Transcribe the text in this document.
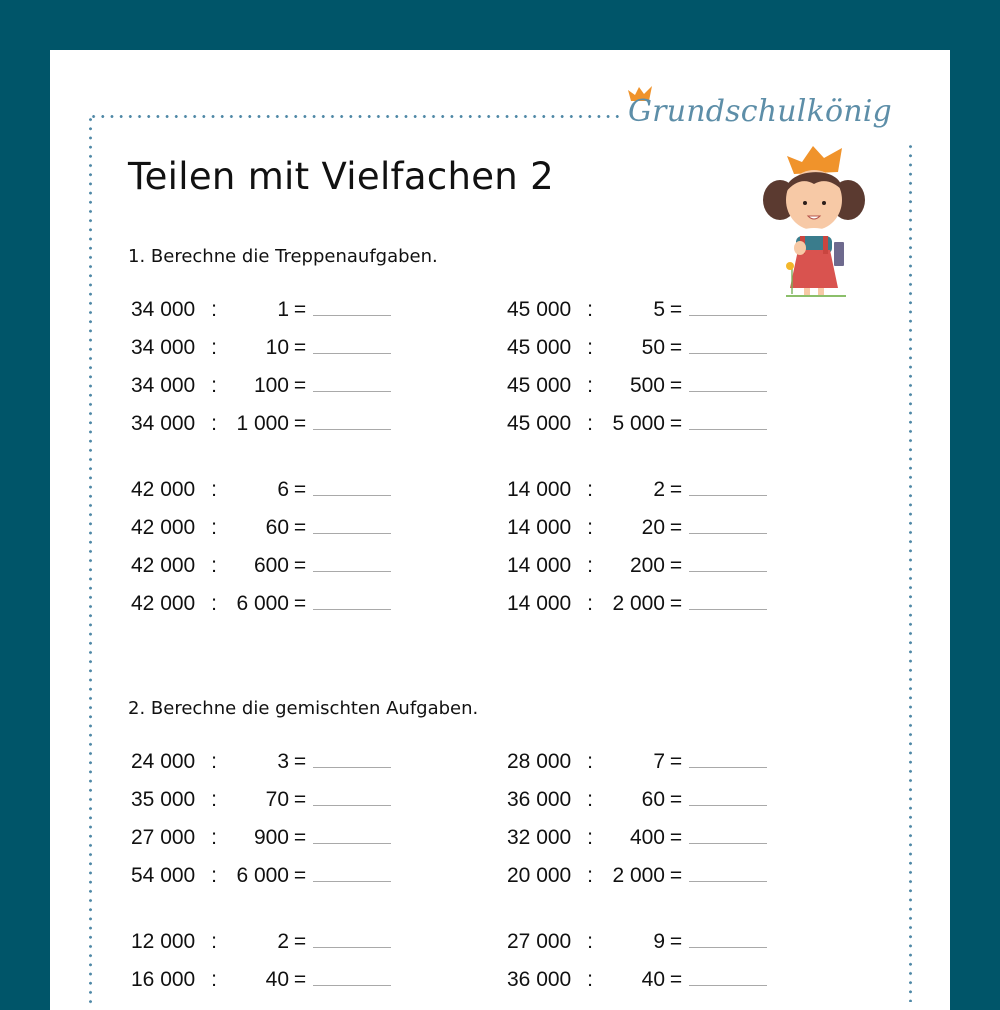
Grundschulkönig
Teilen mit Vielfachen 2
1. Berechne die Treppenaufgaben.
34 000 :	1 =
34 000 :	10 =
34 000 :	100 =
34 000 : 1 000 =
45 000 :	5 =
45 000 :	50 =
45 000 :	500 =
45 000 : 5 000 =
42 000 :	6 =
42 000 :	60 =
42 000 :	600 =
42 000 : 6 000 =
14 000 :	2 =
14 000 :	20 =
14 000 :	200 =
14 000 : 2 000 =
24 000 :	3 =
35 000 :	70 =
27 000 :	900 =
54 000 : 6 000 =
28 000 :	7 =
36 000 :	60 =
32 000 :	400 =
20 000 : 2 000 =
12 000 :	2 =
16 000 :	40 =
27 000 :	9 =
36 000 :	40 =
2. Berechne die gemischten Aufgaben.
